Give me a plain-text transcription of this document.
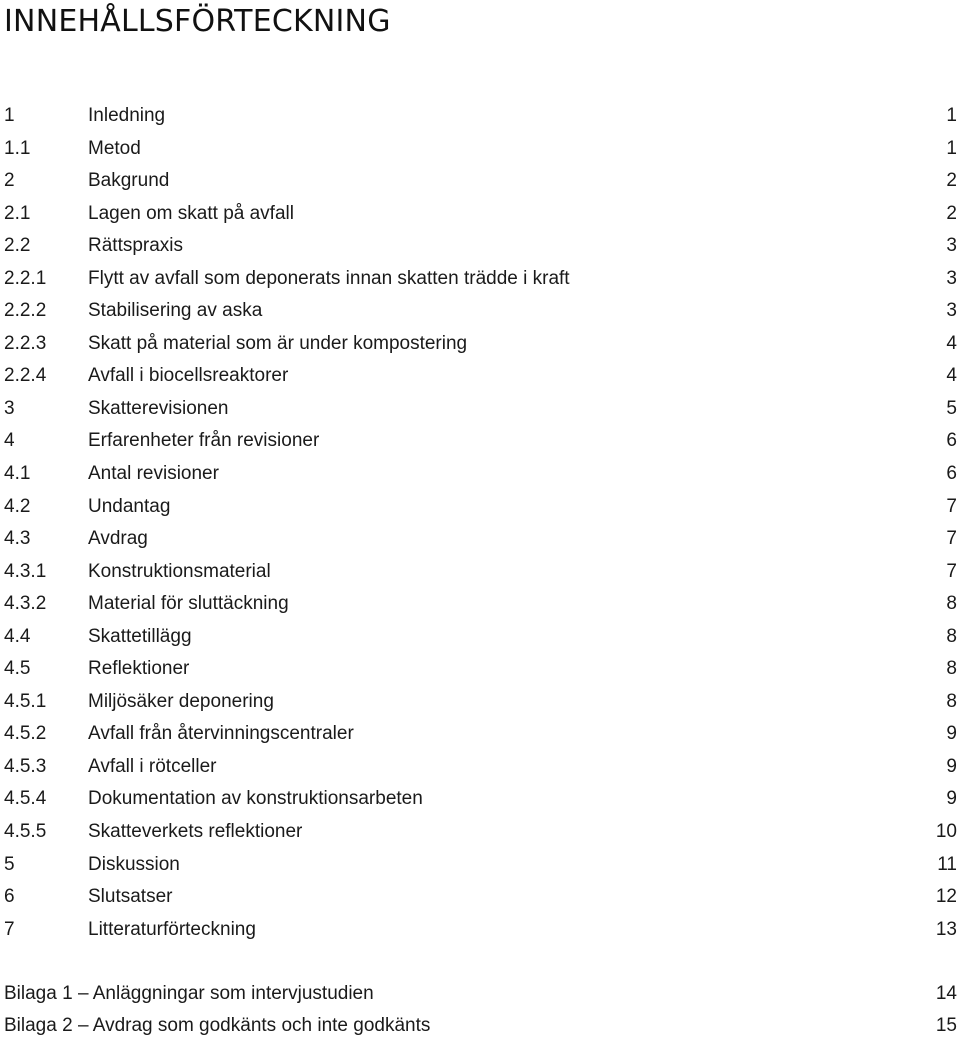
INNEHÅLLSFÖRTECKNING
1	Inledning	1
1.1	Metod	1
2	Bakgrund	2
2.1	Lagen om skatt på avfall	2
2.2	Rättspraxis	3
2.2.1 Flytt av avfall som deponerats innan skatten trädde i kraft	3
2.2.2 Stabilisering av aska	3
2.2.3 Skatt på material som är under kompostering	4
2.2.4 Avfall i biocellsreaktorer	4
3	Skatterevisionen	5
4	Erfarenheter från revisioner	6
4.1	Antal revisioner	6
4.2	Undantag	7
4.3	Avdrag	7
4.3.1 Konstruktionsmaterial	7
4.3.2 Material för sluttäckning	8
4.4	Skattetillägg	8
4.5	Reflektioner	8
4.5.1 Miljösäker deponering	8
4.5.2 Avfall från återvinningscentraler	9
4.5.3 Avfall i rötceller	9
4.5.4 Dokumentation av konstruktionsarbeten	9
4.5.5 Skatteverkets reflektioner	10
5	Diskussion	11
6	Slutsatser	12
7	Litteraturförteckning	13
Bilaga 1 – Anläggningar som intervjustudien	14
Bilaga 2 – Avdrag som godkänts och inte godkänts	15
